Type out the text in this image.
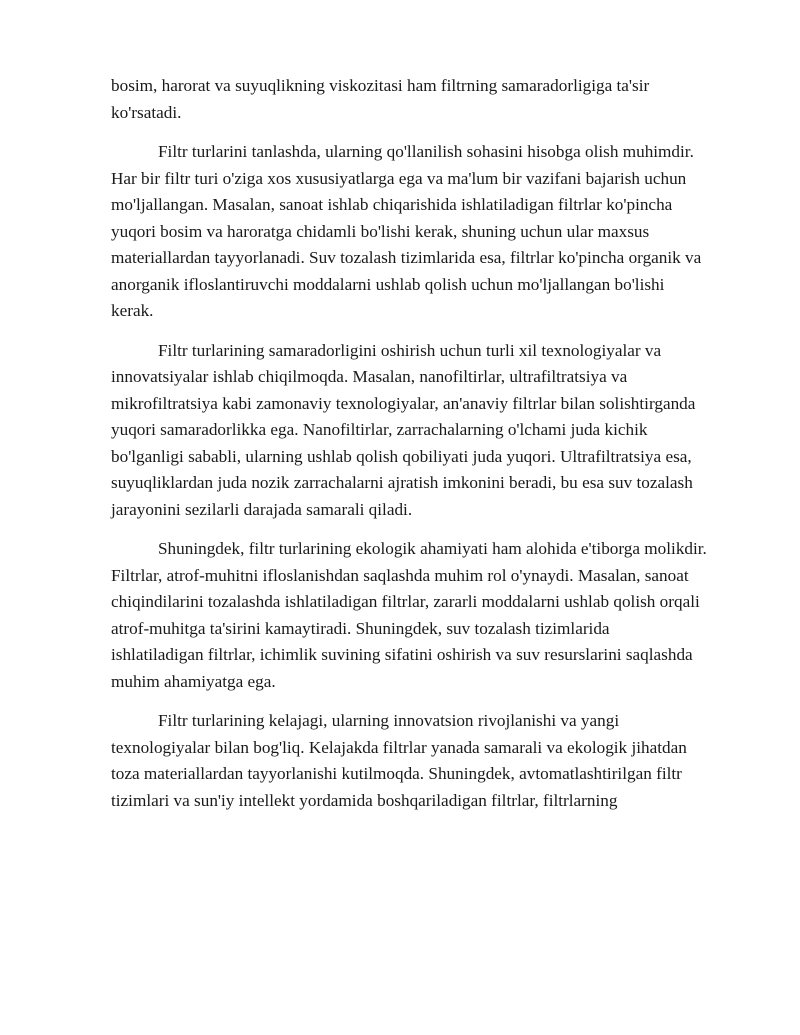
bosim, harorat va suyuqlikning viskozitasi ham filtrning samaradorligiga ta'sir
ko'rsatadi.

Filtr turlarini tanlashda, ularning qo'llanilish sohasini hisobga olish muhimdir.
Har bir filtr turi o'ziga xos xususiyatlarga ega va ma'lum bir vazifani bajarish uchun
mo'ljallangan. Masalan, sanoat ishlab chiqarishida ishlatiladigan filtrlar ko'pincha
yuqori bosim va haroratga chidamli bo'lishi kerak, shuning uchun ular maxsus
materiallardan tayyorlanadi. Suv tozalash tizimlarida esa, filtrlar ko'pincha organik va
anorganik ifloslantiruvchi moddalarni ushlab qolish uchun mo'ljallangan bo'lishi
kerak.

Filtr turlarining samaradorligini oshirish uchun turli xil texnologiyalar va
innovatsiyalar ishlab chiqilmoqda. Masalan, nanofiltirlar, ultrafiltratsiya va
mikrofiltratsiya kabi zamonaviy texnologiyalar, an'anaviy filtrlar bilan solishtirganda
yuqori samaradorlikka ega. Nanofiltirlar, zarrachalarning o'lchami juda kichik
bo'lganligi sababli, ularning ushlab qolish qobiliyati juda yuqori. Ultrafiltratsiya esa,
suyuqliklardan juda nozik zarrachalarni ajratish imkonini beradi, bu esa suv tozalash
jarayonini sezilarli darajada samarali qiladi.

Shuningdek, filtr turlarining ekologik ahamiyati ham alohida e'tiborga molikdir.
Filtrlar, atrof-muhitni ifloslanishdan saqlashda muhim rol o'ynaydi. Masalan, sanoat
chiqindilarini tozalashda ishlatiladigan filtrlar, zararli moddalarni ushlab qolish orqali
atrof-muhitga ta'sirini kamaytiradi. Shuningdek, suv tozalash tizimlarida
ishlatiladigan filtrlar, ichimlik suvining sifatini oshirish va suv resurslarini saqlashda
muhim ahamiyatga ega.

Filtr turlarining kelajagi, ularning innovatsion rivojlanishi va yangi
texnologiyalar bilan bog'liq. Kelajakda filtrlar yanada samarali va ekologik jihatdan
toza materiallardan tayyorlanishi kutilmoqda. Shuningdek, avtomatlashtirilgan filtr
tizimlari va sun'iy intellekt yordamida boshqariladigan filtrlar, filtrlarning
